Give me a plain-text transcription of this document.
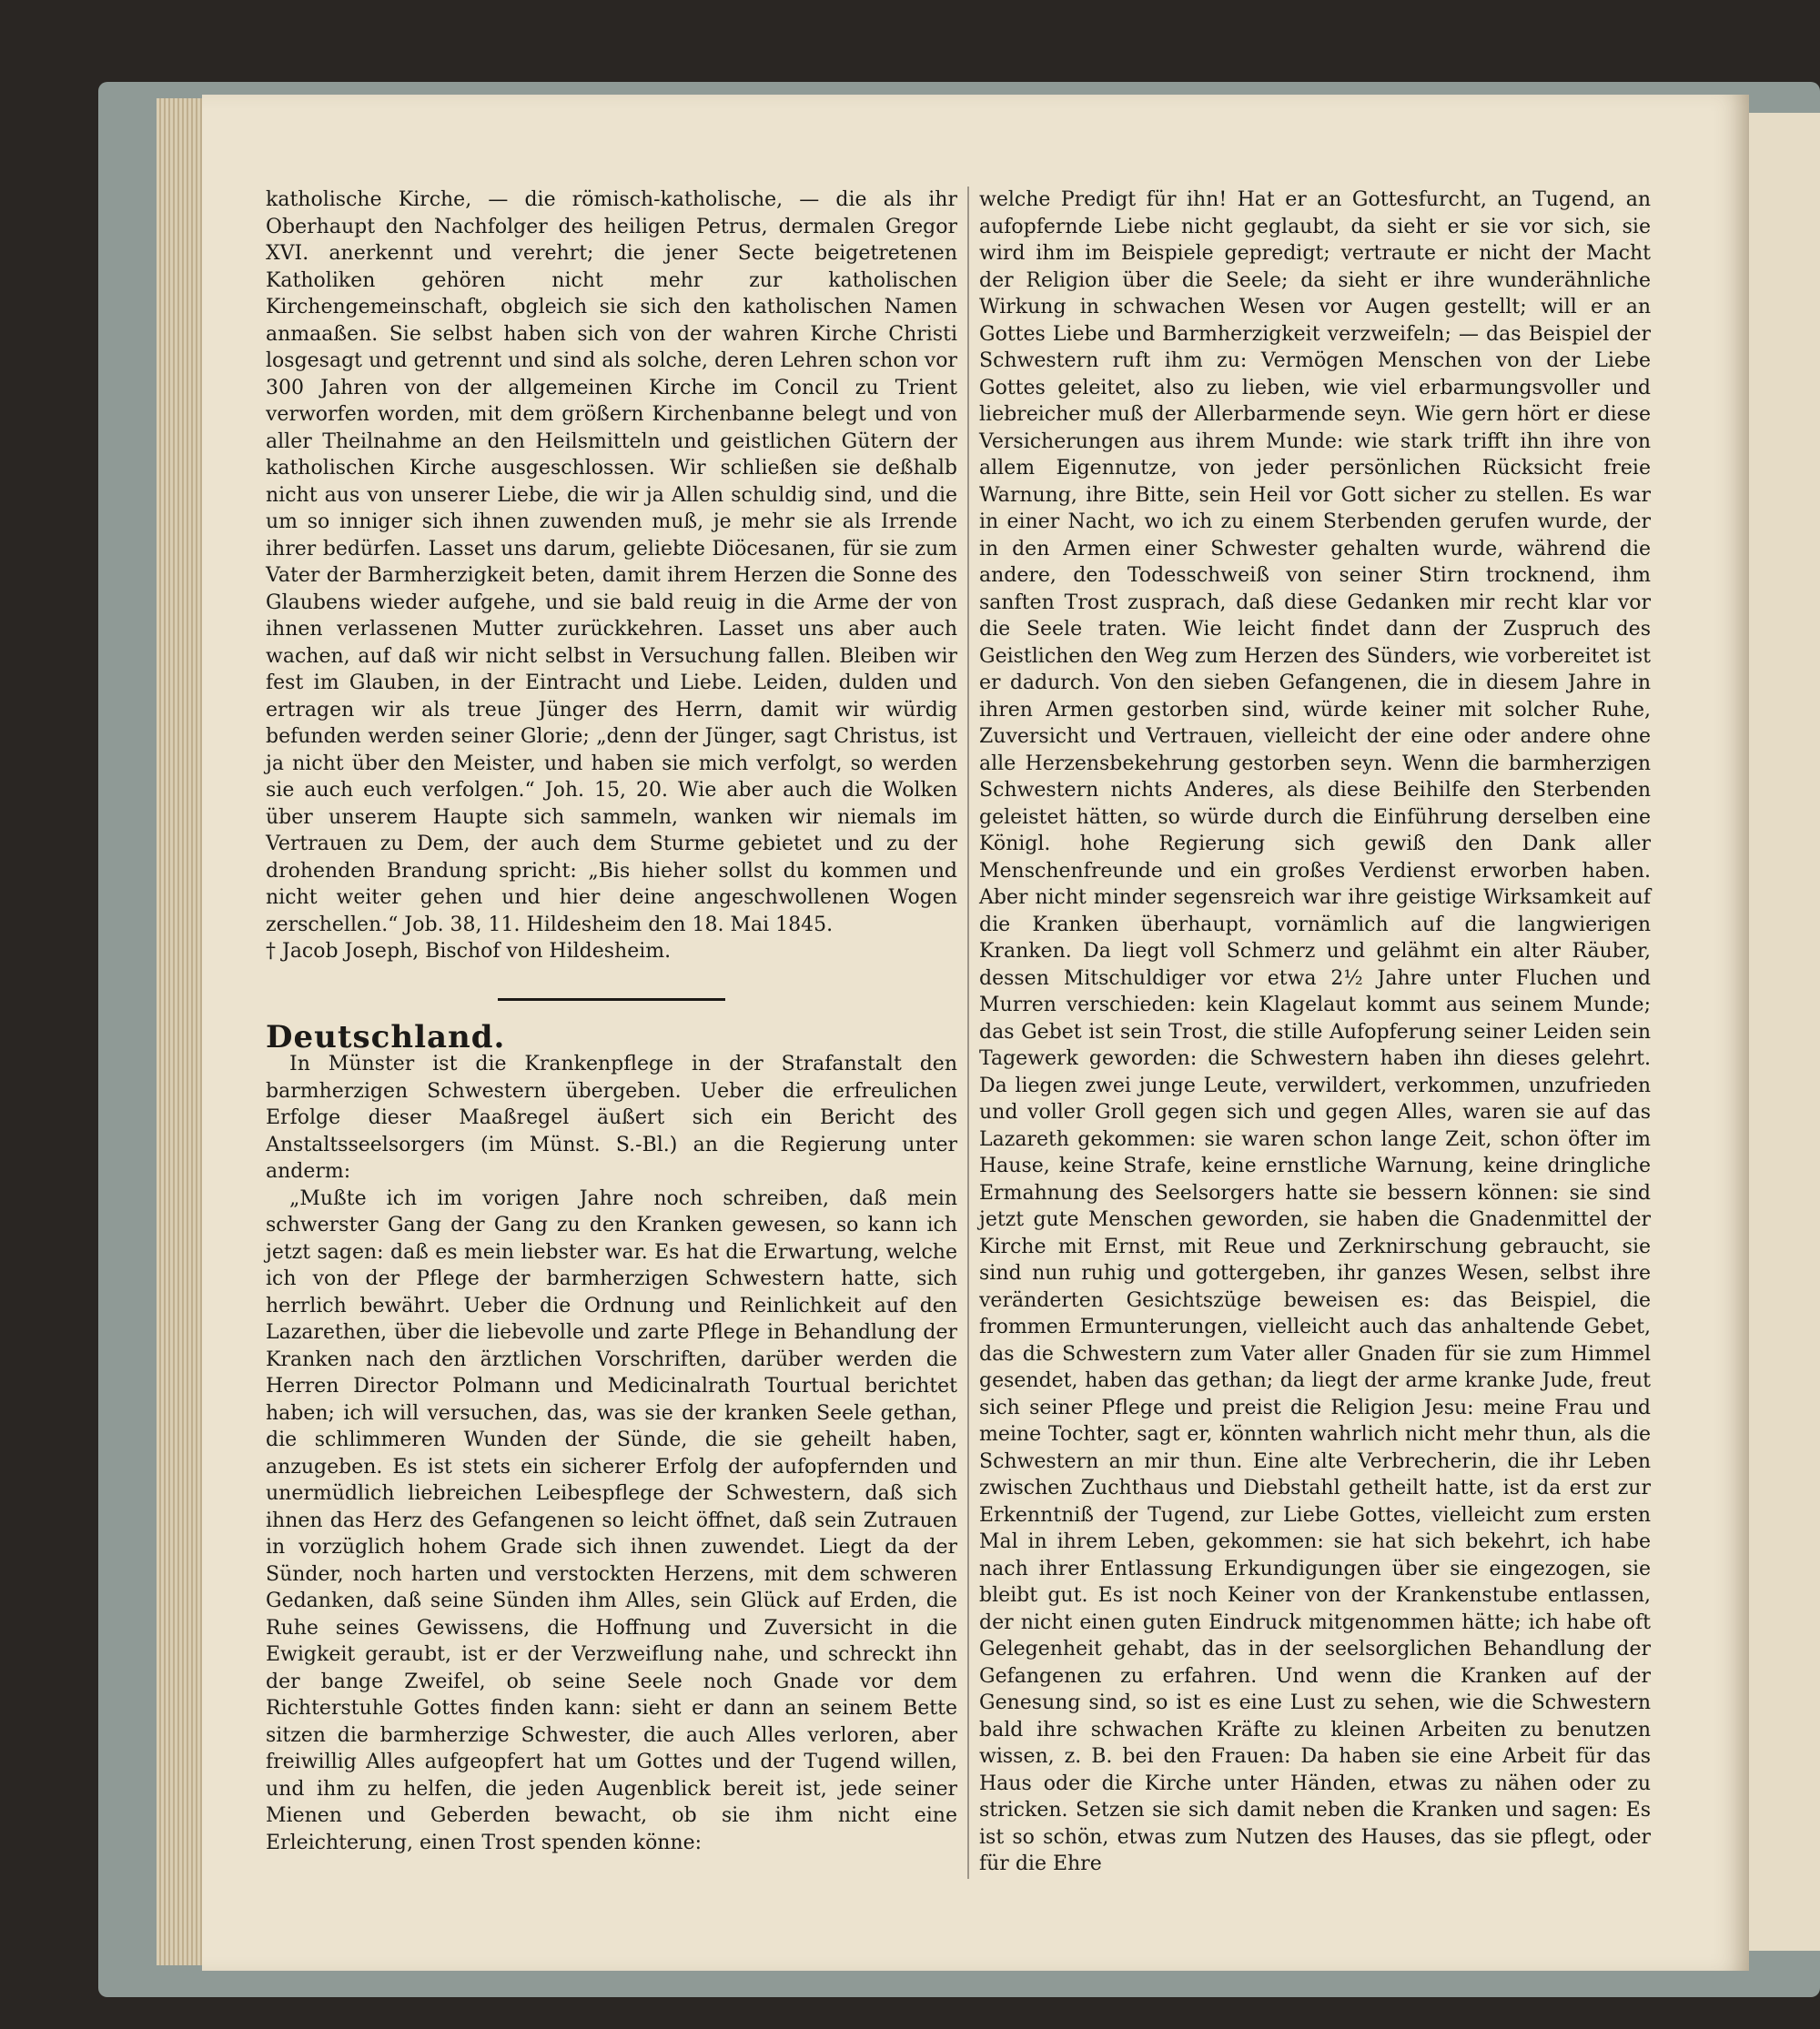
katholische Kirche, — die römisch-katholische, — die als ihr Oberhaupt den Nachfolger des heiligen Petrus, dermalen Gregor XVI. anerkennt und verehrt; die jener Secte beigetretenen Katholiken gehören nicht mehr zur katholischen Kirchengemeinschaft, obgleich sie sich den katholischen Namen anmaaßen. Sie selbst haben sich von der wahren Kirche Christi losgesagt und getrennt und sind als solche, deren Lehren schon vor 300 Jahren von der allgemeinen Kirche im Concil zu Trient verworfen worden, mit dem größern Kirchenbanne belegt und von aller Theilnahme an den Heilsmitteln und geistlichen Gütern der katholischen Kirche ausgeschlossen. Wir schließen sie deßhalb nicht aus von unserer Liebe, die wir ja Allen schuldig sind, und die um so inniger sich ihnen zuwenden muß, je mehr sie als Irrende ihrer bedürfen. Lasset uns darum, geliebte Diöcesanen, für sie zum Vater der Barmherzigkeit beten, damit ihrem Herzen die Sonne des Glaubens wieder aufgehe, und sie bald reuig in die Arme der von ihnen verlassenen Mutter zurückkehren. Lasset uns aber auch wachen, auf daß wir nicht selbst in Versuchung fallen. Bleiben wir fest im Glauben, in der Eintracht und Liebe. Leiden, dulden und ertragen wir als treue Jünger des Herrn, damit wir würdig befunden werden seiner Glorie; „denn der Jünger, sagt Christus, ist ja nicht über den Meister, und haben sie mich verfolgt, so werden sie auch euch verfolgen.“ Joh. 15, 20. Wie aber auch die Wolken über unserem Haupte sich sammeln, wanken wir niemals im Vertrauen zu Dem, der auch dem Sturme gebietet und zu der drohenden Brandung spricht: „Bis hieher sollst du kommen und nicht weiter gehen und hier deine angeschwollenen Wogen zerschellen.“ Job. 38, 11. Hildesheim den 18. Mai 1845.

† Jacob Joseph, Bischof von Hildesheim.

Deutschland.

In Münster ist die Krankenpflege in der Strafanstalt den barmherzigen Schwestern übergeben. Ueber die erfreulichen Erfolge dieser Maaßregel äußert sich ein Bericht des Anstaltsseelsorgers (im Münst. S.-Bl.) an die Regierung unter anderm:

„Mußte ich im vorigen Jahre noch schreiben, daß mein schwerster Gang der Gang zu den Kranken gewesen, so kann ich jetzt sagen: daß es mein liebster war. Es hat die Erwartung, welche ich von der Pflege der barmherzigen Schwestern hatte, sich herrlich bewährt. Ueber die Ordnung und Reinlichkeit auf den Lazarethen, über die liebevolle und zarte Pflege in Behandlung der Kranken nach den ärztlichen Vorschriften, darüber werden die Herren Director Polmann und Medicinalrath Tourtual berichtet haben; ich will versuchen, das, was sie der kranken Seele gethan, die schlimmeren Wunden der Sünde, die sie geheilt haben, anzugeben. Es ist stets ein sicherer Erfolg der aufopfernden und unermüdlich liebreichen Leibespflege der Schwestern, daß sich ihnen das Herz des Gefangenen so leicht öffnet, daß sein Zutrauen in vorzüglich hohem Grade sich ihnen zuwendet. Liegt da der Sünder, noch harten und verstockten Herzens, mit dem schweren Gedanken, daß seine Sünden ihm Alles, sein Glück auf Erden, die Ruhe seines Gewissens, die Hoffnung und Zuversicht in die Ewigkeit geraubt, ist er der Verzweiflung nahe, und schreckt ihn der bange Zweifel, ob seine Seele noch Gnade vor dem Richterstuhle Gottes finden kann: sieht er dann an seinem Bette sitzen die barmherzige Schwester, die auch Alles verloren, aber freiwillig Alles aufgeopfert hat um Gottes und der Tugend willen, und ihm zu helfen, die jeden Augenblick bereit ist, jede seiner Mienen und Geberden bewacht, ob sie ihm nicht eine Erleichterung, einen Trost spenden könne:

welche Predigt für ihn! Hat er an Gottesfurcht, an Tugend, an aufopfernde Liebe nicht geglaubt, da sieht er sie vor sich, sie wird ihm im Beispiele gepredigt; vertraute er nicht der Macht der Religion über die Seele; da sieht er ihre wunderähnliche Wirkung in schwachen Wesen vor Augen gestellt; will er an Gottes Liebe und Barmherzigkeit verzweifeln; — das Beispiel der Schwestern ruft ihm zu: Vermögen Menschen von der Liebe Gottes geleitet, also zu lieben, wie viel erbarmungsvoller und liebreicher muß der Allerbarmende seyn. Wie gern hört er diese Versicherungen aus ihrem Munde: wie stark trifft ihn ihre von allem Eigennutze, von jeder persönlichen Rücksicht freie Warnung, ihre Bitte, sein Heil vor Gott sicher zu stellen. Es war in einer Nacht, wo ich zu einem Sterbenden gerufen wurde, der in den Armen einer Schwester gehalten wurde, während die andere, den Todesschweiß von seiner Stirn trocknend, ihm sanften Trost zusprach, daß diese Gedanken mir recht klar vor die Seele traten. Wie leicht findet dann der Zuspruch des Geistlichen den Weg zum Herzen des Sünders, wie vorbereitet ist er dadurch. Von den sieben Gefangenen, die in diesem Jahre in ihren Armen gestorben sind, würde keiner mit solcher Ruhe, Zuversicht und Vertrauen, vielleicht der eine oder andere ohne alle Herzensbekehrung gestorben seyn. Wenn die barmherzigen Schwestern nichts Anderes, als diese Beihilfe den Sterbenden geleistet hätten, so würde durch die Einführung derselben eine Königl. hohe Regierung sich gewiß den Dank aller Menschenfreunde und ein großes Verdienst erworben haben. Aber nicht minder segensreich war ihre geistige Wirksamkeit auf die Kranken überhaupt, vornämlich auf die langwierigen Kranken. Da liegt voll Schmerz und gelähmt ein alter Räuber, dessen Mitschuldiger vor etwa 2½ Jahre unter Fluchen und Murren verschieden: kein Klagelaut kommt aus seinem Munde; das Gebet ist sein Trost, die stille Aufopferung seiner Leiden sein Tagewerk geworden: die Schwestern haben ihn dieses gelehrt. Da liegen zwei junge Leute, verwildert, verkommen, unzufrieden und voller Groll gegen sich und gegen Alles, waren sie auf das Lazareth gekommen: sie waren schon lange Zeit, schon öfter im Hause, keine Strafe, keine ernstliche Warnung, keine dringliche Ermahnung des Seelsorgers hatte sie bessern können: sie sind jetzt gute Menschen geworden, sie haben die Gnadenmittel der Kirche mit Ernst, mit Reue und Zerknirschung gebraucht, sie sind nun ruhig und gottergeben, ihr ganzes Wesen, selbst ihre veränderten Gesichtszüge beweisen es: das Beispiel, die frommen Ermunterungen, vielleicht auch das anhaltende Gebet, das die Schwestern zum Vater aller Gnaden für sie zum Himmel gesendet, haben das gethan; da liegt der arme kranke Jude, freut sich seiner Pflege und preist die Religion Jesu: meine Frau und meine Tochter, sagt er, könnten wahrlich nicht mehr thun, als die Schwestern an mir thun. Eine alte Verbrecherin, die ihr Leben zwischen Zuchthaus und Diebstahl getheilt hatte, ist da erst zur Erkenntniß der Tugend, zur Liebe Gottes, vielleicht zum ersten Mal in ihrem Leben, gekommen: sie hat sich bekehrt, ich habe nach ihrer Entlassung Erkundigungen über sie eingezogen, sie bleibt gut. Es ist noch Keiner von der Krankenstube entlassen, der nicht einen guten Eindruck mitgenommen hätte; ich habe oft Gelegenheit gehabt, das in der seelsorglichen Behandlung der Gefangenen zu erfahren. Und wenn die Kranken auf der Genesung sind, so ist es eine Lust zu sehen, wie die Schwestern bald ihre schwachen Kräfte zu kleinen Arbeiten zu benutzen wissen, z. B. bei den Frauen: Da haben sie eine Arbeit für das Haus oder die Kirche unter Händen, etwas zu nähen oder zu stricken. Setzen sie sich damit neben die Kranken und sagen: Es ist so schön, etwas zum Nutzen des Hauses, das sie pflegt, oder für die Ehre
